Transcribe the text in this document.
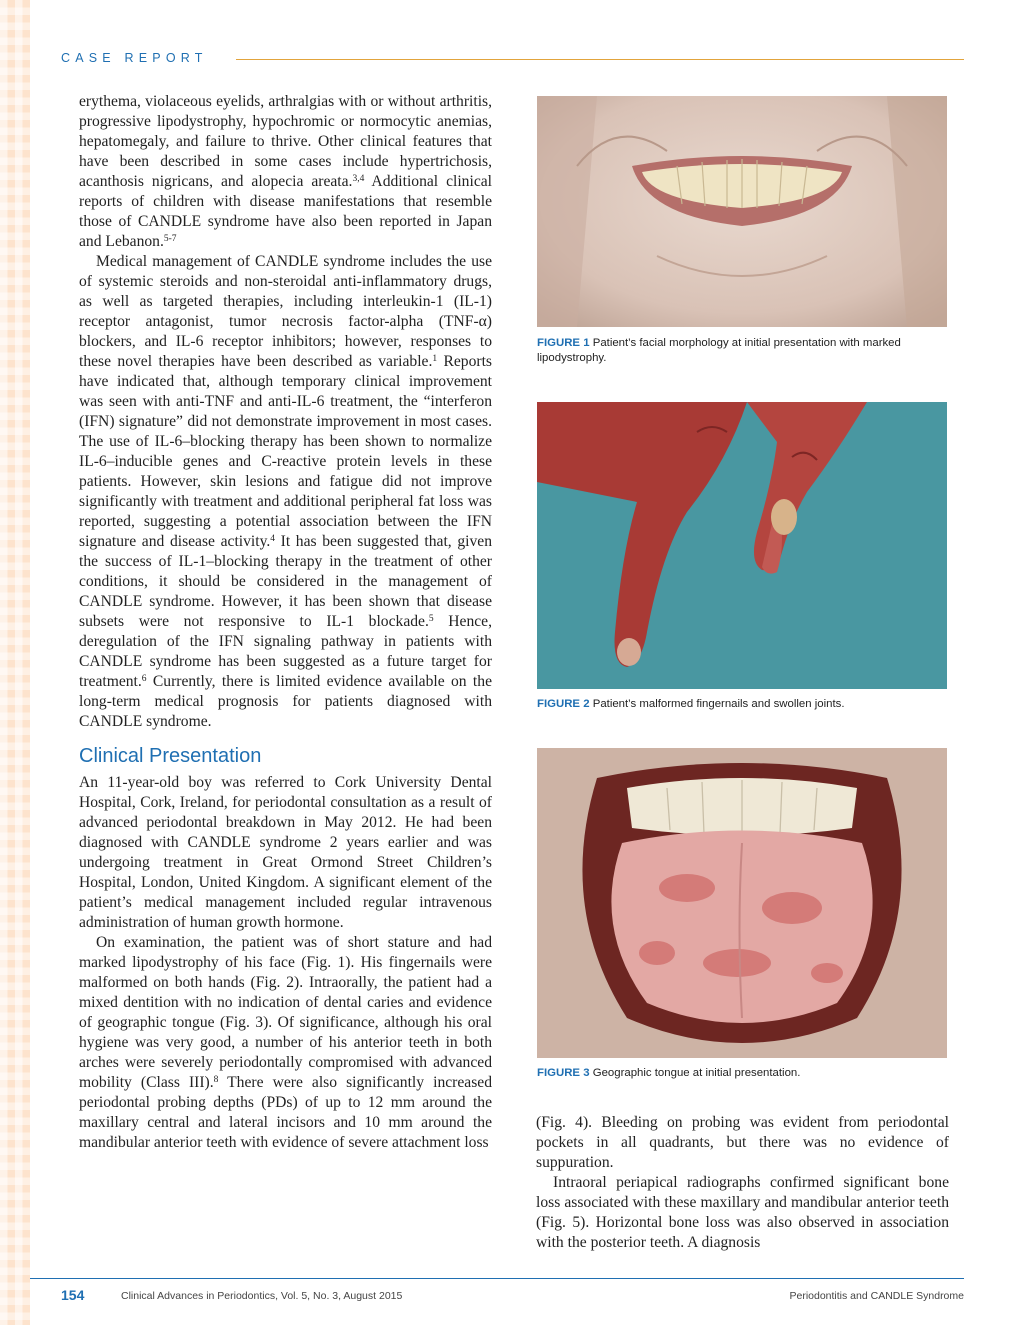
CASE REPORT

erythema, violaceous eyelids, arthralgias with or without arthritis, progressive lipodystrophy, hypochromic or normocytic anemias, hepatomegaly, and failure to thrive. Other clinical features that have been described in some cases include hypertrichosis, acanthosis nigricans, and alopecia areata.$^{3,4}$ Additional clinical reports of children with disease manifestations that resemble those of CANDLE syndrome have also been reported in Japan and Lebanon.$^{5-7}$

Medical management of CANDLE syndrome includes the use of systemic steroids and non-steroidal anti-inflammatory drugs, as well as targeted therapies, including interleukin-1 (IL-1) receptor antagonist, tumor necrosis factor-alpha (TNF-α) blockers, and IL-6 receptor inhibitors; however, responses to these novel therapies have been described as variable.$^1$ Reports have indicated that, although temporary clinical improvement was seen with anti-TNF and anti-IL-6 treatment, the “interferon (IFN) signature” did not demonstrate improvement in most cases. The use of IL-6–blocking therapy has been shown to normalize IL-6–inducible genes and C-reactive protein levels in these patients. However, skin lesions and fatigue did not improve significantly with treatment and additional peripheral fat loss was reported, suggesting a potential association between the IFN signature and disease activity.$^4$ It has been suggested that, given the success of IL-1–blocking therapy in the treatment of other conditions, it should be considered in the management of CANDLE syndrome. However, it has been shown that disease subsets were not responsive to IL-1 blockade.$^5$ Hence, deregulation of the IFN signaling pathway in patients with CANDLE syndrome has been suggested as a future target for treatment.$^6$ Currently, there is limited evidence available on the long-term medical prognosis for patients diagnosed with CANDLE syndrome.

Clinical Presentation

An 11-year-old boy was referred to Cork University Dental Hospital, Cork, Ireland, for periodontal consultation as a result of advanced periodontal breakdown in May 2012. He had been diagnosed with CANDLE syndrome 2 years earlier and was undergoing treatment in Great Ormond Street Children’s Hospital, London, United Kingdom. A significant element of the patient’s medical management included regular intravenous administration of human growth hormone.

On examination, the patient was of short stature and had marked lipodystrophy of his face (Fig. 1). His fingernails were malformed on both hands (Fig. 2). Intraorally, the patient had a mixed dentition with no indication of dental caries and evidence of geographic tongue (Fig. 3). Of significance, although his oral hygiene was very good, a number of his anterior teeth in both arches were severely periodontally compromised with advanced mobility (Class III).$^8$ There were also significantly increased periodontal probing depths (PDs) of up to 12 mm around the maxillary central and lateral incisors and 10 mm around the mandibular anterior teeth with evidence of severe attachment loss

FIGURE 1 Patient’s facial morphology at initial presentation with marked lipodystrophy.
FIGURE 2 Patient’s malformed fingernails and swollen joints.
FIGURE 3 Geographic tongue at initial presentation.

(Fig. 4). Bleeding on probing was evident from periodontal pockets in all quadrants, but there was no evidence of suppuration.

Intraoral periapical radiographs confirmed significant bone loss associated with these maxillary and mandibular anterior teeth (Fig. 5). Horizontal bone loss was also observed in association with the posterior teeth. A diagnosis

154	Clinical Advances in Periodontics, Vol. 5, No. 3, August 2015	Periodontitis and CANDLE Syndrome
